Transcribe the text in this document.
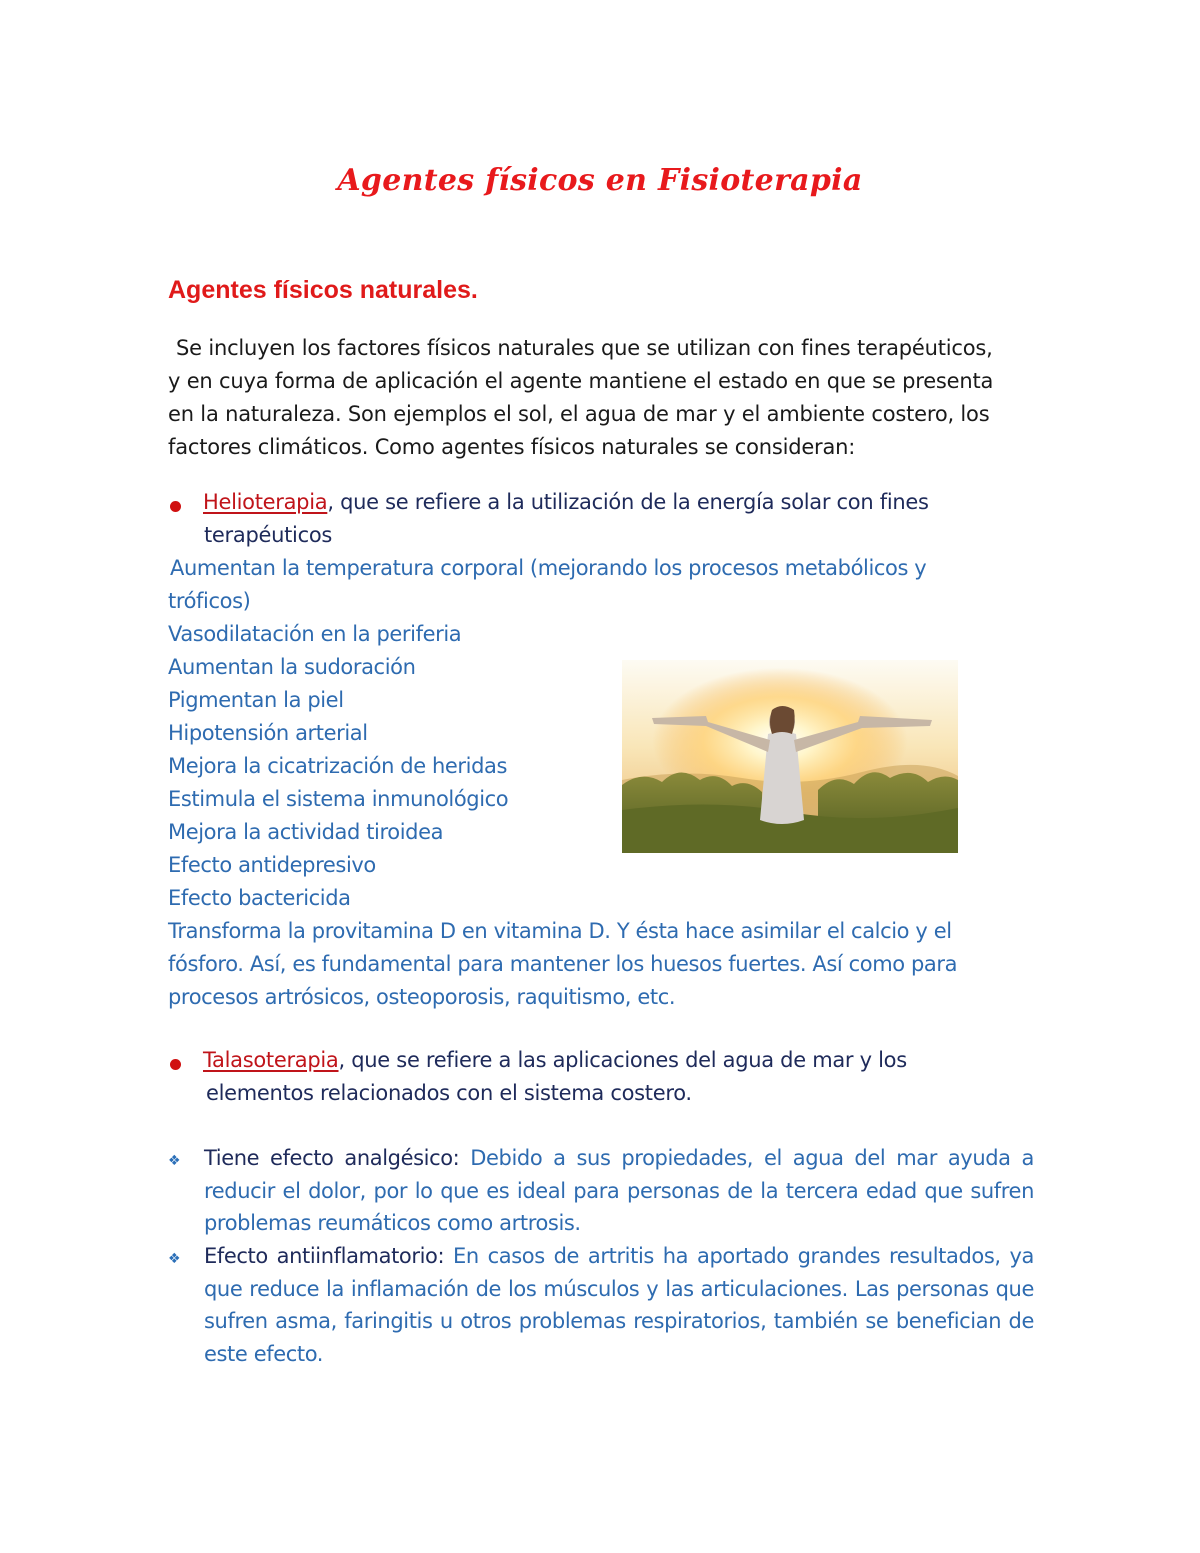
Agentes físicos en Fisioterapia
Agentes físicos naturales.
Se incluyen los factores físicos naturales que se utilizan con fines terapéuticos,
y en cuya forma de aplicación el agente mantiene el estado en que se presenta
en la naturaleza. Son ejemplos el sol, el agua de mar y el ambiente costero, los
factores climáticos. Como agentes físicos naturales se consideran:
Helioterapia, que se refiere a la utilización de la energía solar con fines
terapéuticos
Aumentan la temperatura corporal (mejorando los procesos metabólicos y
tróficos)
Vasodilatación en la periferia
Aumentan la sudoración
Pigmentan la piel
Hipotensión arterial
Mejora la cicatrización de heridas
Estimula el sistema inmunológico
Mejora la actividad tiroidea
Efecto antidepresivo
Efecto bactericida
Transforma la provitamina D en vitamina D. Y ésta hace asimilar el calcio y el
fósforo. Así, es fundamental para mantener los huesos fuertes. Así como para
procesos artrósicos, osteoporosis, raquitismo, etc.
Talasoterapia, que se refiere a las aplicaciones del agua de mar y los
elementos relacionados con el sistema costero.
❖ Tiene efecto analgésico: Debido a sus propiedades, el agua del mar ayuda a reducir el dolor, por lo que es ideal para personas de la tercera edad que sufren problemas reumáticos como artrosis.
❖ Efecto antiinflamatorio: En casos de artritis ha aportado grandes resultados, ya que reduce la inflamación de los músculos y las articulaciones. Las personas que sufren asma, faringitis u otros problemas respiratorios, también se benefician de este efecto.
